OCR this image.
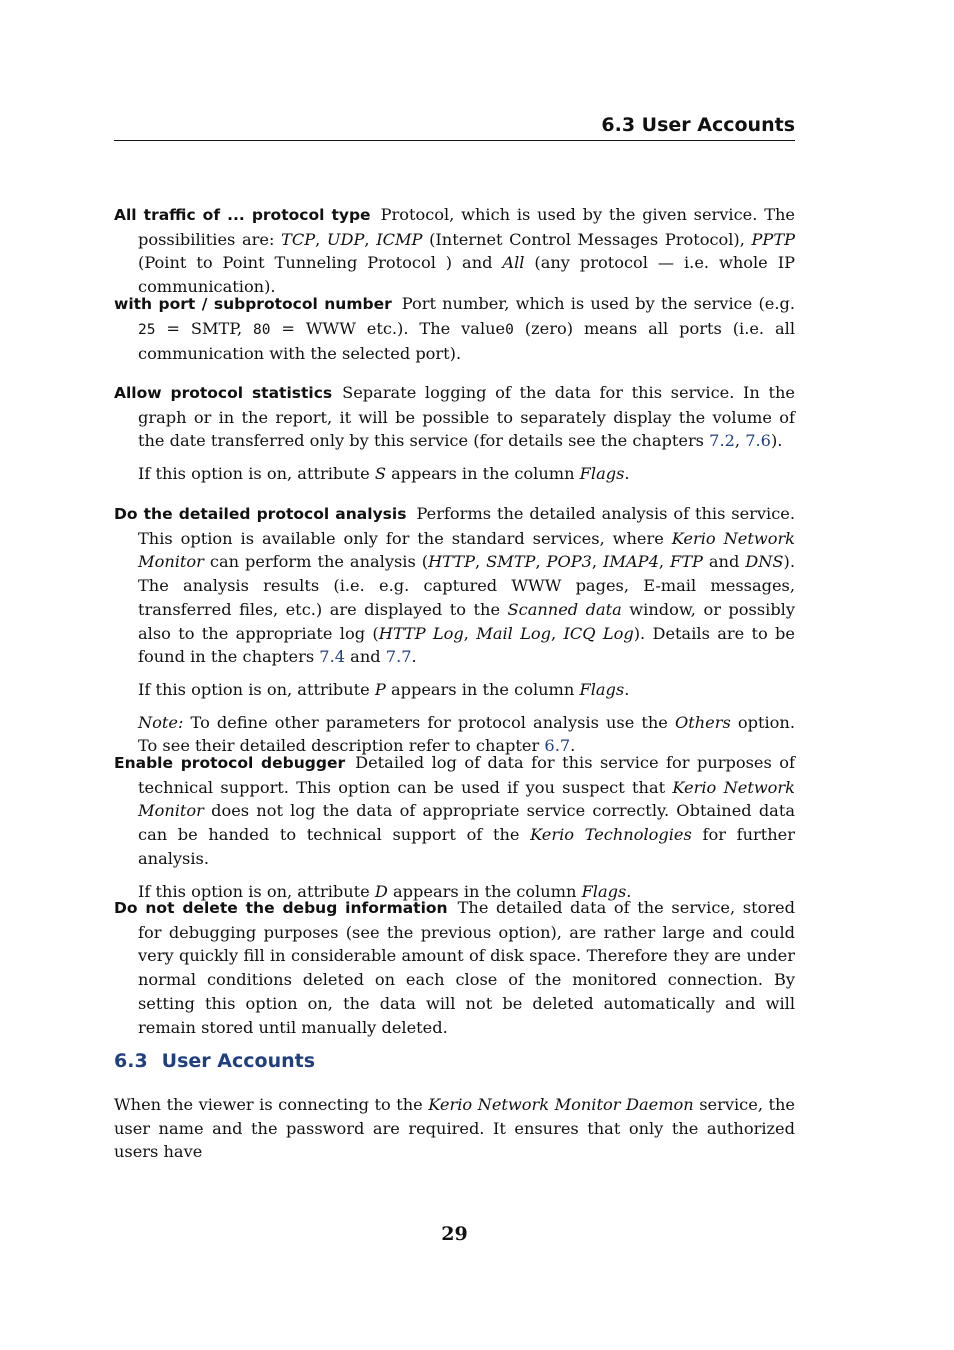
6.3 User Accounts

All traffic of ... protocol type Protocol, which is used by the given service. The possibilities are: TCP, UDP, ICMP (Internet Control Messages Protocol), PPTP (Point to Point Tunneling Protocol ) and All (any protocol — i.e. whole IP communication).

with port / subprotocol number Port number, which is used by the service (e.g. 25 = SMTP, 80 = WWW etc.). The value0 (zero) means all ports (i.e. all communication with the selected port).

Allow protocol statistics Separate logging of the data for this service. In the graph or in the report, it will be possible to separately display the volume of the date transferred only by this service (for details see the chapters 7.2, 7.6).

If this option is on, attribute S appears in the column Flags.

Do the detailed protocol analysis Performs the detailed analysis of this service. This option is available only for the standard services, where Kerio Network Monitor can perform the analysis (HTTP, SMTP, POP3, IMAP4, FTP and DNS). The analysis results (i.e. e.g. captured WWW pages, E-mail messages, transferred files, etc.) are displayed to the Scanned data window, or possibly also to the appropriate log (HTTP Log, Mail Log, ICQ Log). Details are to be found in the chapters 7.4 and 7.7.

If this option is on, attribute P appears in the column Flags.

Note: To define other parameters for protocol analysis use the Others option. To see their detailed description refer to chapter 6.7.

Enable protocol debugger Detailed log of data for this service for purposes of technical support. This option can be used if you suspect that Kerio Network Monitor does not log the data of appropriate service correctly. Obtained data can be handed to technical support of the Kerio Technologies for further analysis.

If this option is on, attribute D appears in the column Flags.

Do not delete the debug information The detailed data of the service, stored for debugging purposes (see the previous option), are rather large and could very quickly fill in considerable amount of disk space. Therefore they are under normal conditions deleted on each close of the monitored connection. By setting this option on, the data will not be deleted automatically and will remain stored until manually deleted.

6.3 User Accounts

When the viewer is connecting to the Kerio Network Monitor Daemon service, the user name and the password are required. It ensures that only the authorized users have

29
